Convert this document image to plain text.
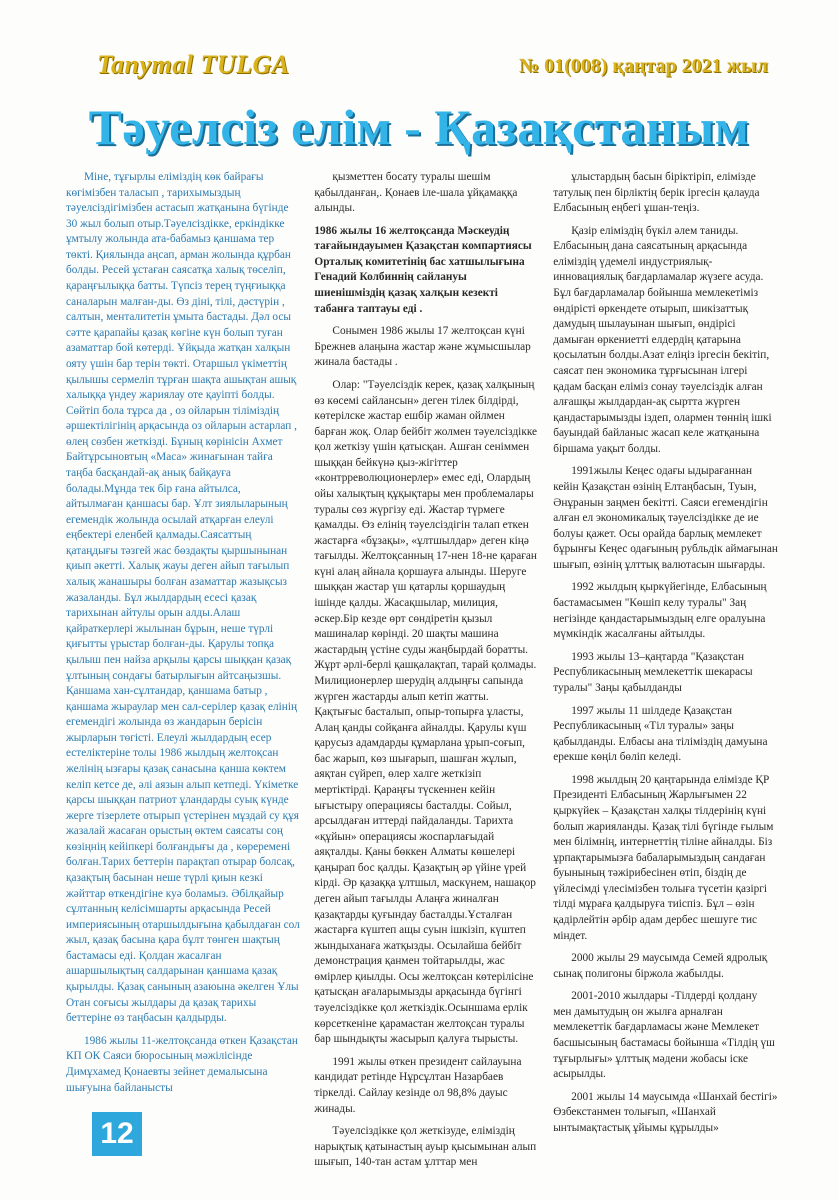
Tanymal TULGA	№ 01(008) қаңтар 2021 жыл
Тәуелсіз елім - Қазақстаным

Міне, тұғырлы еліміздің көк байрағы көгімізбен таласып , тарихымыздың тәуелсіздігімізбен астасып жатқанына бүгінде 30 жыл болып отыр.Тәуелсіздікке, еркіндікке ұмтылу жолында ата-бабамыз қаншама тер төкті. Қиялында аңсап, арман жолында құрбан болды. Ресей ұстаған саясатқа халық төселіп, қараңғылыққа батты. Түпсіз терең түңғиыққа саналарын малған-ды. Өз діні, тілі, дәстүрін , салтын, менталитетін ұмыта бастады. Дәл осы сәтте қарапайы қазақ көгіне күн болып туған азаматтар бой көтерді. Ұйқыда жатқан халқын ояту үшін бар терін төкті. Отаршыл үкіметтің қылышы сермеліп тұрған шақта ашықтан ашық халыққа үндеу жариялау оте қауіпті болды. Сөйтіп бола тұрса да , оз ойларын тіліміздің әршектілігінің арқасында оз ойларын астарлап , өлең сөзбен жеткізді. Бұның көрінісін Ахмет Байтұрсыновтың «Маса» жинағынан тайға таңба басқандай-ақ анық байқауға болады.Мұнда тек бір ғана айтылса, айтылмаған қаншасы бар. Ұлт зиялыларының егемендік жолында осылай атқарған елеулі еңбектері еленбей қалмады.Саясаттың қатаңдығы тәзгей жас бөздақты қыршынынан қиып әкетті. Халық жауы деген айып тағылып халық жанашыры болған азаматтар жазықсыз жазаланды. Бұл жылдардың есесі қазақ тарихынан айтулы орын алды.Алаш қайраткерлері жылынан бұрын, неше түрлі қиғытты үрыстар болған-ды. Қарулы топқа қылыш пен найза арқылы қарсы шыққан қазақ ұлтының сондағы батырлығын айтсаңызшы. Қаншама хан-сұлтандар, қаншама батыр , қаншама жыраулар мен сал-серілер қазақ елінің егемендігі жолында өз жандарын берісін жырларын төгісті. Елеулі жылдардың есер естеліктеріне толы 1986 жылдың желтоқсан желінің ызғары қазақ санасына қанша көктем келіп кетсе де, әлі аязын алып кетпеді. Үкіметке қарсы шыққан патриот ұландарды суық күнде жерге тізерлете отырып үстерінен мұздай су құя жазалай жасаған орыстың өктем саясаты соң көзіңнің кейіпкері болғандығы да , көреремені болған.Тарих беттерін парақтап отырар болсақ, қазақтың басынан неше түрлі қиын кезкі жәйттар өткендігіне куә боламыз. Әбілқайыр сұлтанның келісімшарты арқасында Ресей империясының отаршылдығына қабылдаған сол жыл, қазақ басына қара бұлт төнген шақтың бастамасы еді. Қолдан жасалған ашаршылықтың салдарынан қаншама қазақ қырылды. Қазақ санының азаюына әкелген Ұлы Отан соғысы жылдары да қазақ тарихы беттеріне өз таңбасын қалдырды.

1986 жылы 11-желтоқсанда өткен Қазақстан КП ОК Саяси бюросының мәжілісінде Димұхамед Қонаевты зейнет демалысына шығуына байланысты

қызметтен босату туралы шешім қабылданған,. Қонаев іле-шала ұйқамаққа алынды.

1986 жылы 16 желтоқсанда Мәскеудің тағайындауымен Қазақстан компартиясы Орталық комитетінің бас хатшылығына Генадий Колбиннің сайлануы шиенішміздің қазақ халқын кезекті табанға таптауы еді .

Сонымен 1986 жылы 17 желтоқсан күні Брежнев алаңына жастар және жұмысшылар жинала бастады .

Олар: "Тәуелсіздік керек, қазақ халқының өз көсемі сайлансын» деген тілек білдірді, көтерілске жастар ешбір жаман ойлмен барған жоқ. Олар бейбіт жолмен тәуелсіздікке қол жеткізу үшін қатысқан. Ашған сеніммен шыққан бейкүнә қыз-жігіттер «контрреволюционерлер» емес еді, Олардың ойы халықтың құқықтары мен проблемалары туралы сөз жүргізу еді. Жастар түрмеге қамалды. Өз елінің тәуелсіздігін талап еткен жастарға «бұзақы», «ұлтшылдар» деген кіңә тағылды. Желтоқсанның 17-нен 18-не қараған күні алаң айнала қоршауға алынды. Шеруге шыққан жастар үш қатарлы қоршаудың ішінде қалды. Жасақшылар, милиция, әскер.Бір кезде өрт сөндіретін қызыл машиналар көрінді. 20 шақты машина жастардың үстіне суды жаңбырдай боратты. Жұрт әрлі-берлі қашқалақтап, тарай қолмады. Милиционерлер шерудің алдыңғы сапында жүрген жастарды алып кетіп жатты. Қақтығыс басталып, опыр-топырға ұласты, Алаң қанды сойқанға айналды. Қарулы күш қарусыз адамдарды құмарлана ұрып-соғып, бас жарып, көз шығарып, шашған жұлып, аяқтан сүйреп, өлер халге жеткізіп мертіктірді. Қараңғы түскеннен кейін ығыстыру операциясы басталды. Сойыл, арсылдаған иттерді пайдаланды. Тарихта «құйын» операциясы жоспарлағыдай аяқталды. Қаны бөккен Алматы көшелері қаңырап бос қалды. Қазақтың әр үйіне үрей кірді. Әр қазаққа ұлтшыл, маскүнем, нашақор деген айып тағылды Алаңға жиналған қазақтарды қуғындау басталды.Ұсталған жастарға күштеп ащы суын ішкізіп, күштеп жындыханаға жатқызды. Осылайша бейбіт демонстрация қанмен тойтарылды, жас өмірлер қиылды. Осы желтоқсан көтерілісіне қатысқан ағаларымызды арқасында бүгінгі тәуелсіздікке қол жеткіздік.Осыншама ерлік көрсеткеніне қарамастан желтоқсан туралы бар шындықты жасырып қалуға тырысты.

1991 жылы өткен президент сайлауына кандидат ретінде Нұрсұлтан Назарбаев тіркелді. Сайлау кезінде ол 98,8% дауыс жинады.

Тәуелсіздікке қол жеткізуде, еліміздің нарықтық қатынастың ауыр қысымынан алып шығып, 140-тан астам ұлттар мен

ұлыстардың басын біріктіріп, елімізде татулық пен бірліктің берік іргесін қалауда Елбасының еңбегі ұшан-теңіз.

Қазір еліміздің бүкіл әлем таниды. Елбасының дана саясатының арқасында еліміздің үдемелі индустриялық-инновациялық бағдарламалар жүзеге асуда. Бұл бағдарламалар бойынша мемлекетіміз өндірісті өркендете отырып, шикізаттық дамудың шылауынан шығып, өндірісі дамыған өркениетті елдердің қатарына қосылатын болды.Азат еліңіз іргесін бекітіп, саясат пен экономика тұрғысынан ілгері қадам басқан еліміз сонау тәуелсіздік алған алғашқы жылдардан-ақ сыртта жүрген қандастарымызды іздеп, олармен төннің ішкі бауындай байланыс жасап келе жатқанына біршама уақыт болды.

1991жылы Кеңес одағы ыдырағаннан кейін Қазақстан өзінің Елтаңбасын, Туын, Әнұранын заңмен бекітті. Саяси егемендігін алған ел экономикалық тәуелсіздікке де ие болуы қажет. Осы орайда барлық мемлекет бұрынғы Кеңес одағының рубльдік аймағынан шығып, өзінің ұлттық валютасын шығарды.

1992 жылдың қыркүйегінде, Елбасының бастамасымен "Көшіп келу туралы" Заң негізінде қандастарымыздың елге оралуына мүмкіндік жасалғаны айтылды.

1993 жылы 13–қаңтарда "Қазақстан Республикасының мемлекеттік шекарасы туралы" Заңы қабылданды

1997 жылы 11 шілдеде Қазақстан Республикасының «Тіл туралы» заңы қабылданды. Елбасы ана тіліміздің дамуына ерекше көңіл бөліп келеді.

1998 жылдың 20 қаңтарында елімізде ҚР Президенті Елбасының Жарлығымен 22 қыркүйек – Қазақстан халқы тілдерінің күні болып жарияланды. Қазақ тілі бүгінде ғылым мен білімнің, интернеттің тіліне айналды. Біз ұрпақтарымызға бабаларымыздың сандаған буынының тәжірибесінен өтіп, біздің де үйлесімді үлесімізбен толыға түсетін қазіргі тілді мұраға қалдыруға тиіспіз. Бұл – өзін қадірлейтін әрбір адам дербес шешуге тис міндет.

2000 жылы 29 маусымда Семей ядролық сынақ полигоны біржола жабылды.

2001-2010 жылдары -Тілдерді қолдану мен дамытудың он жылға арналған мемлекеттік бағдарламасы және Мемлекет басшысының бастамасы бойынша «Тілдің үш тұғырлығы» ұлттық мәдени жобасы іске асырылды.

2001 жылы 14 маусымда «Шанхай бестігі» Өзбекстанмен толығып, «Шанхай ынтымақтастық ұйымы құрылды»

12
